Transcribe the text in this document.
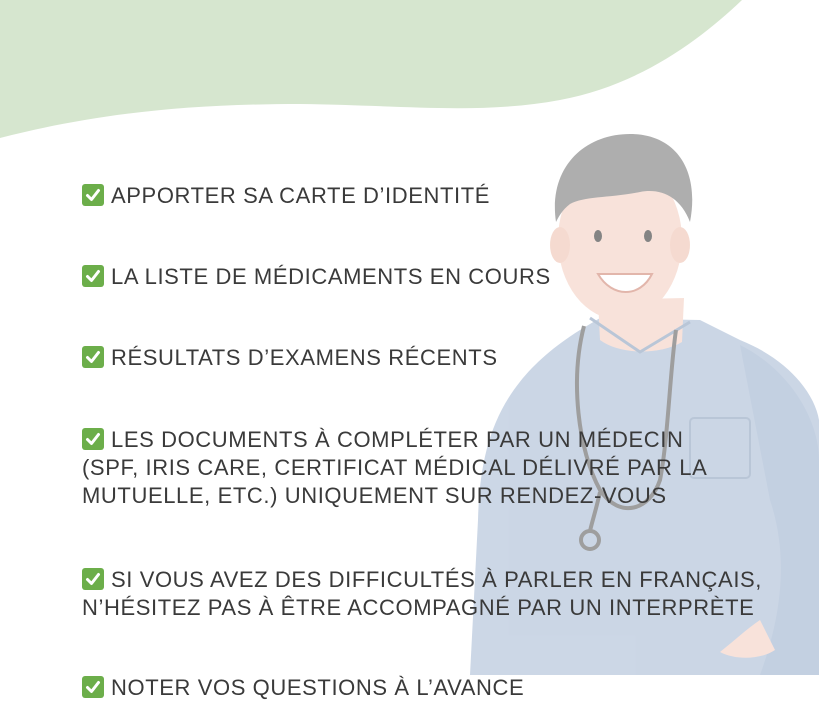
APPORTER SA CARTE D’IDENTITÉ

LA LISTE DE MÉDICAMENTS EN COURS

RÉSULTATS D’EXAMENS RÉCENTS

LES DOCUMENTS À COMPLÉTER PAR UN MÉDECIN
(SPF, IRIS CARE, CERTIFICAT MÉDICAL DÉLIVRÉ PAR LA
MUTUELLE, ETC.) UNIQUEMENT SUR RENDEZ-VOUS

SI VOUS AVEZ DES DIFFICULTÉS À PARLER EN FRANÇAIS,
N’HÉSITEZ PAS À ÊTRE ACCOMPAGNÉ PAR UN INTERPRÈTE

NOTER VOS QUESTIONS À L’AVANCE
